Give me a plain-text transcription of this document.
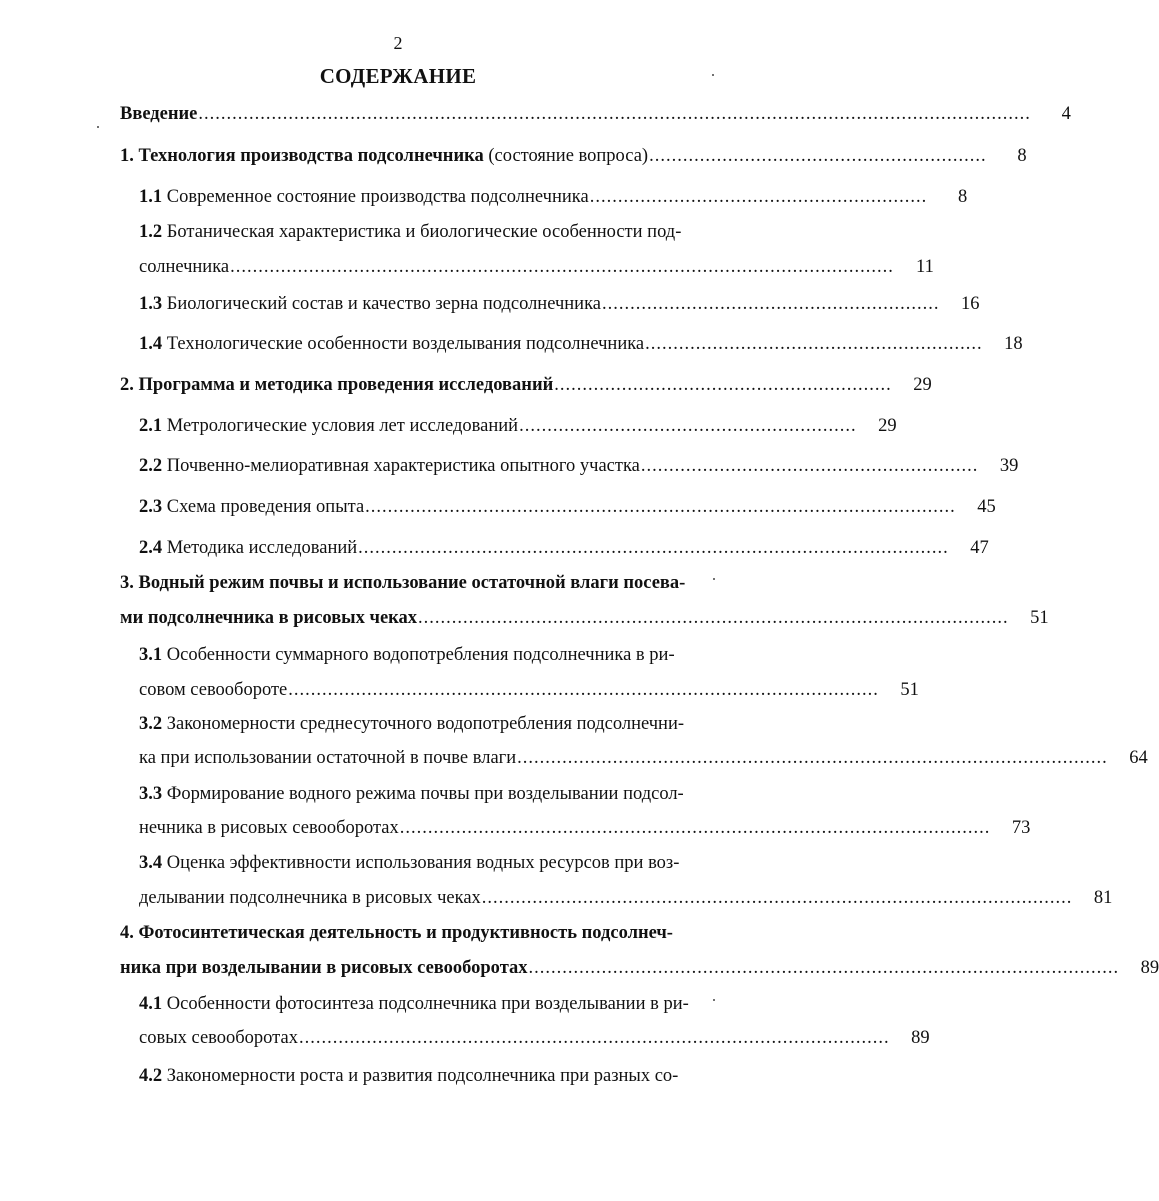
2
СОДЕРЖАНИЕ
Введение ....................................................................................................................................................	4
1. Технология производства подсолнечника (состояние вопроса) ............................................................	8
1.1 Современное состояние производства подсолнечника ............................................................	8
1.2 Ботаническая характеристика и биологические особенности под-
солнечника ......................................................................................................................	11
1.3 Биологический состав и качество зерна подсолнечника ............................................................	16
1.4 Технологические особенности возделывания подсолнечника ............................................................	18
2. Программа и методика проведения исследований ............................................................	29
2.1 Метрологические условия лет исследований ............................................................	29
2.2 Почвенно-мелиоративная характеристика опытного участка ............................................................	39
2.3 Схема проведения опыта .........................................................................................................	45
2.4 Методика исследований .........................................................................................................	47
3. Водный режим почвы и использование остаточной влаги посева-
ми подсолнечника в рисовых чеках .........................................................................................................	51
3.1 Особенности суммарного водопотребления подсолнечника в ри-
совом севообороте .........................................................................................................	51
3.2 Закономерности среднесуточного водопотребления подсолнечни-
ка при использовании остаточной в почве влаги .........................................................................................................	64
3.3 Формирование водного режима почвы при возделывании подсол-
нечника в рисовых севооборотах .........................................................................................................	73
3.4 Оценка эффективности использования водных ресурсов при воз-
делывании подсолнечника в рисовых чеках .........................................................................................................	81
4. Фотосинтетическая деятельность и продуктивность подсолнеч-
ника при возделывании в рисовых севооборотах .........................................................................................................	89
4.1 Особенности фотосинтеза подсолнечника при возделывании в ри-
совых севооборотах .........................................................................................................	89
4.2 Закономерности роста и развития подсолнечника при разных со-
